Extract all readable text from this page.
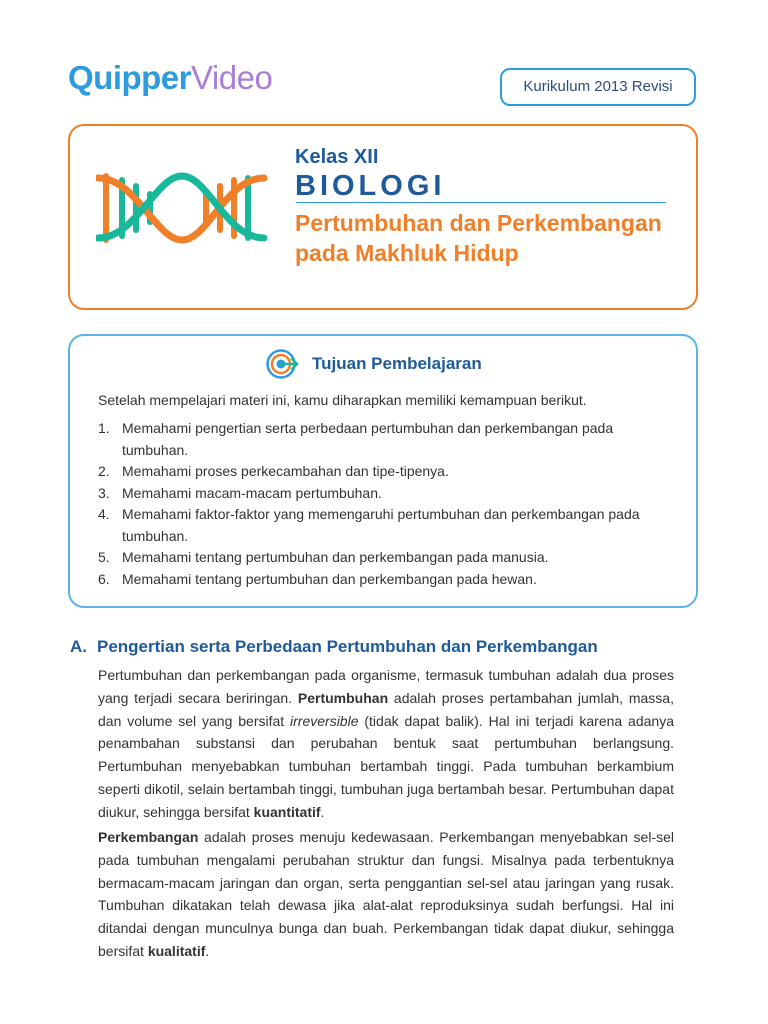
QuipperVideo	Kurikulum 2013 Revisi
Kelas XII
BIOLOGI
Pertumbuhan dan Perkembangan pada Makhluk Hidup
Tujuan Pembelajaran
Setelah mempelajari materi ini, kamu diharapkan memiliki kemampuan berikut.
1. Memahami pengertian serta perbedaan pertumbuhan dan perkembangan pada tumbuhan.
2. Memahami proses perkecambahan dan tipe-tipenya.
3. Memahami macam-macam pertumbuhan.
4. Memahami faktor-faktor yang memengaruhi pertumbuhan dan perkembangan pada tumbuhan.
5. Memahami tentang pertumbuhan dan perkembangan pada manusia.
6. Memahami tentang pertumbuhan dan perkembangan pada hewan.
A. Pengertian serta Perbedaan Pertumbuhan dan Perkembangan

Pertumbuhan dan perkembangan pada organisme, termasuk tumbuhan adalah dua proses yang terjadi secara beriringan. Pertumbuhan adalah proses pertambahan jumlah, massa, dan volume sel yang bersifat irreversible (tidak dapat balik). Hal ini terjadi karena adanya penambahan substansi dan perubahan bentuk saat pertumbuhan berlangsung. Pertumbuhan menyebabkan tumbuhan bertambah tinggi. Pada tumbuhan berkambium seperti dikotil, selain bertambah tinggi, tumbuhan juga bertambah besar. Pertumbuhan dapat diukur, sehingga bersifat kuantitatif.

Perkembangan adalah proses menuju kedewasaan. Perkembangan menyebabkan sel-sel pada tumbuhan mengalami perubahan struktur dan fungsi. Misalnya pada terbentuknya bermacam-macam jaringan dan organ, serta penggantian sel-sel atau jaringan yang rusak. Tumbuhan dikatakan telah dewasa jika alat-alat reproduksinya sudah berfungsi. Hal ini ditandai dengan munculnya bunga dan buah. Perkembangan tidak dapat diukur, sehingga bersifat kualitatif.
